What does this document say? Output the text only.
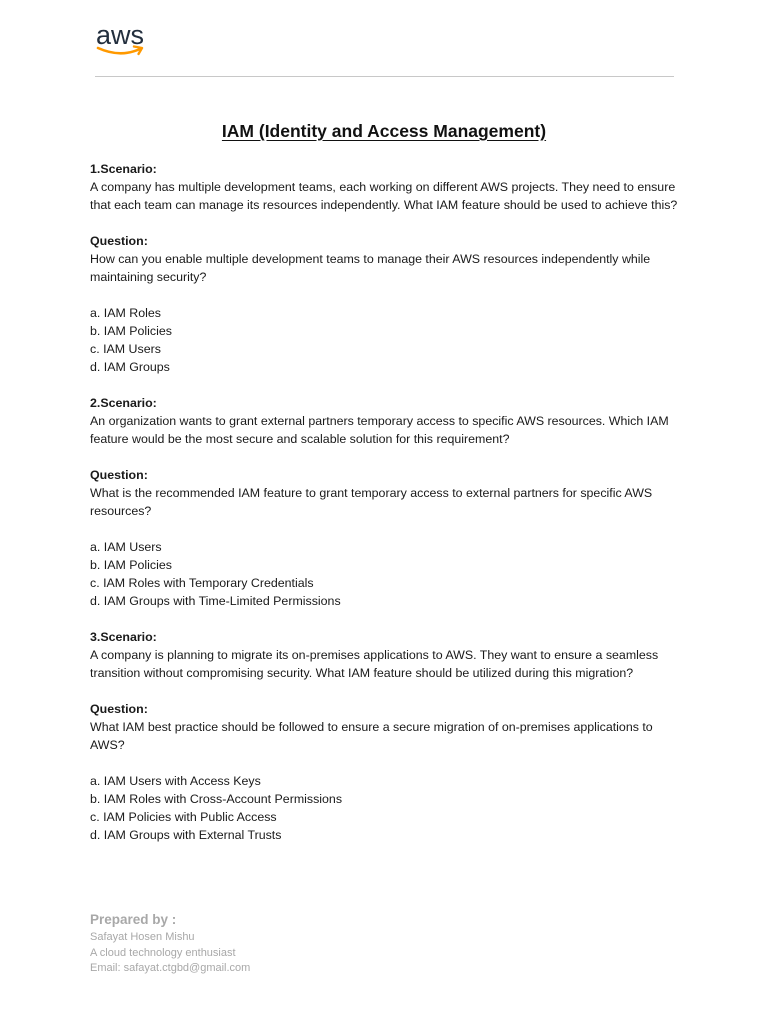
aws
IAM (Identity and Access Management)
1.Scenario:
A company has multiple development teams, each working on different AWS projects. They need to ensure that each team can manage its resources independently. What IAM feature should be used to achieve this?
Question:
How can you enable multiple development teams to manage their AWS resources independently while maintaining security?
a. IAM Roles
b. IAM Policies
c. IAM Users
d. IAM Groups
2.Scenario:
An organization wants to grant external partners temporary access to specific AWS resources. Which IAM feature would be the most secure and scalable solution for this requirement?
Question:
What is the recommended IAM feature to grant temporary access to external partners for specific AWS resources?
a. IAM Users
b. IAM Policies
c. IAM Roles with Temporary Credentials
d. IAM Groups with Time-Limited Permissions
3.Scenario:
A company is planning to migrate its on-premises applications to AWS. They want to ensure a seamless transition without compromising security. What IAM feature should be utilized during this migration?
Question:
What IAM best practice should be followed to ensure a secure migration of on-premises applications to AWS?
a. IAM Users with Access Keys
b. IAM Roles with Cross-Account Permissions
c. IAM Policies with Public Access
d. IAM Groups with External Trusts
Prepared by :
Safayat Hosen Mishu
A cloud technology enthusiast
Email: safayat.ctgbd@gmail.com
